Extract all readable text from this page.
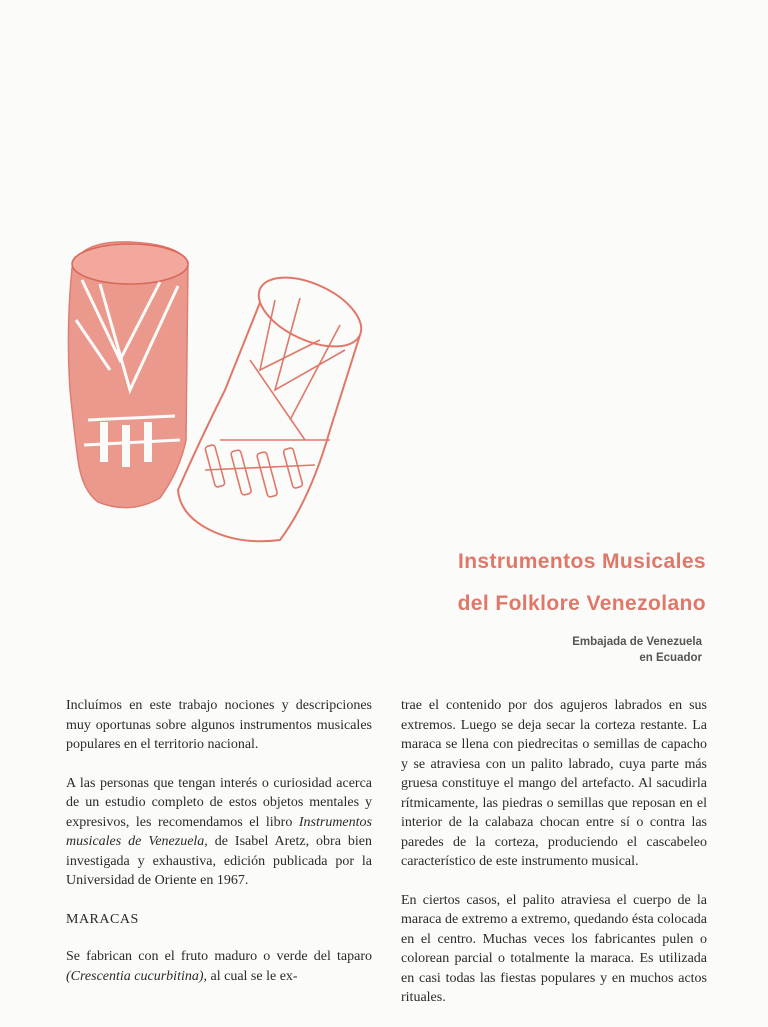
Instrumentos Musicales
del Folklore Venezolano
Embajada de Venezuela
en Ecuador

Incluímos en este trabajo nociones y descripciones muy oportunas sobre algunos instrumentos musicales populares en el territorio nacional.

A las personas que tengan interés o curiosidad acerca de un estudio completo de estos objetos mentales y expresivos, les recomendamos el libro Instrumentos musicales de Venezuela, de Isabel Aretz, obra bien investigada y exhaustiva, edición publicada por la Universidad de Oriente en 1967.

MARACAS

Se fabrican con el fruto maduro o verde del taparo (Crescentia cucurbitina), al cual se le ex-

trae el contenido por dos agujeros labrados en sus extremos. Luego se deja secar la corteza restante. La maraca se llena con piedrecitas o semillas de capacho y se atraviesa con un palito labrado, cuya parte más gruesa constituye el mango del artefacto. Al sacudirla rítmicamente, las piedras o semillas que reposan en el interior de la calabaza chocan entre sí o contra las paredes de la corteza, produciendo el cascabeleo característico de este instrumento musical.

En ciertos casos, el palito atraviesa el cuerpo de la maraca de extremo a extremo, quedando ésta colocada en el centro. Muchas veces los fabricantes pulen o colorean parcial o totalmente la maraca. Es utilizada en casi todas las fiestas populares y en muchos actos rituales.
